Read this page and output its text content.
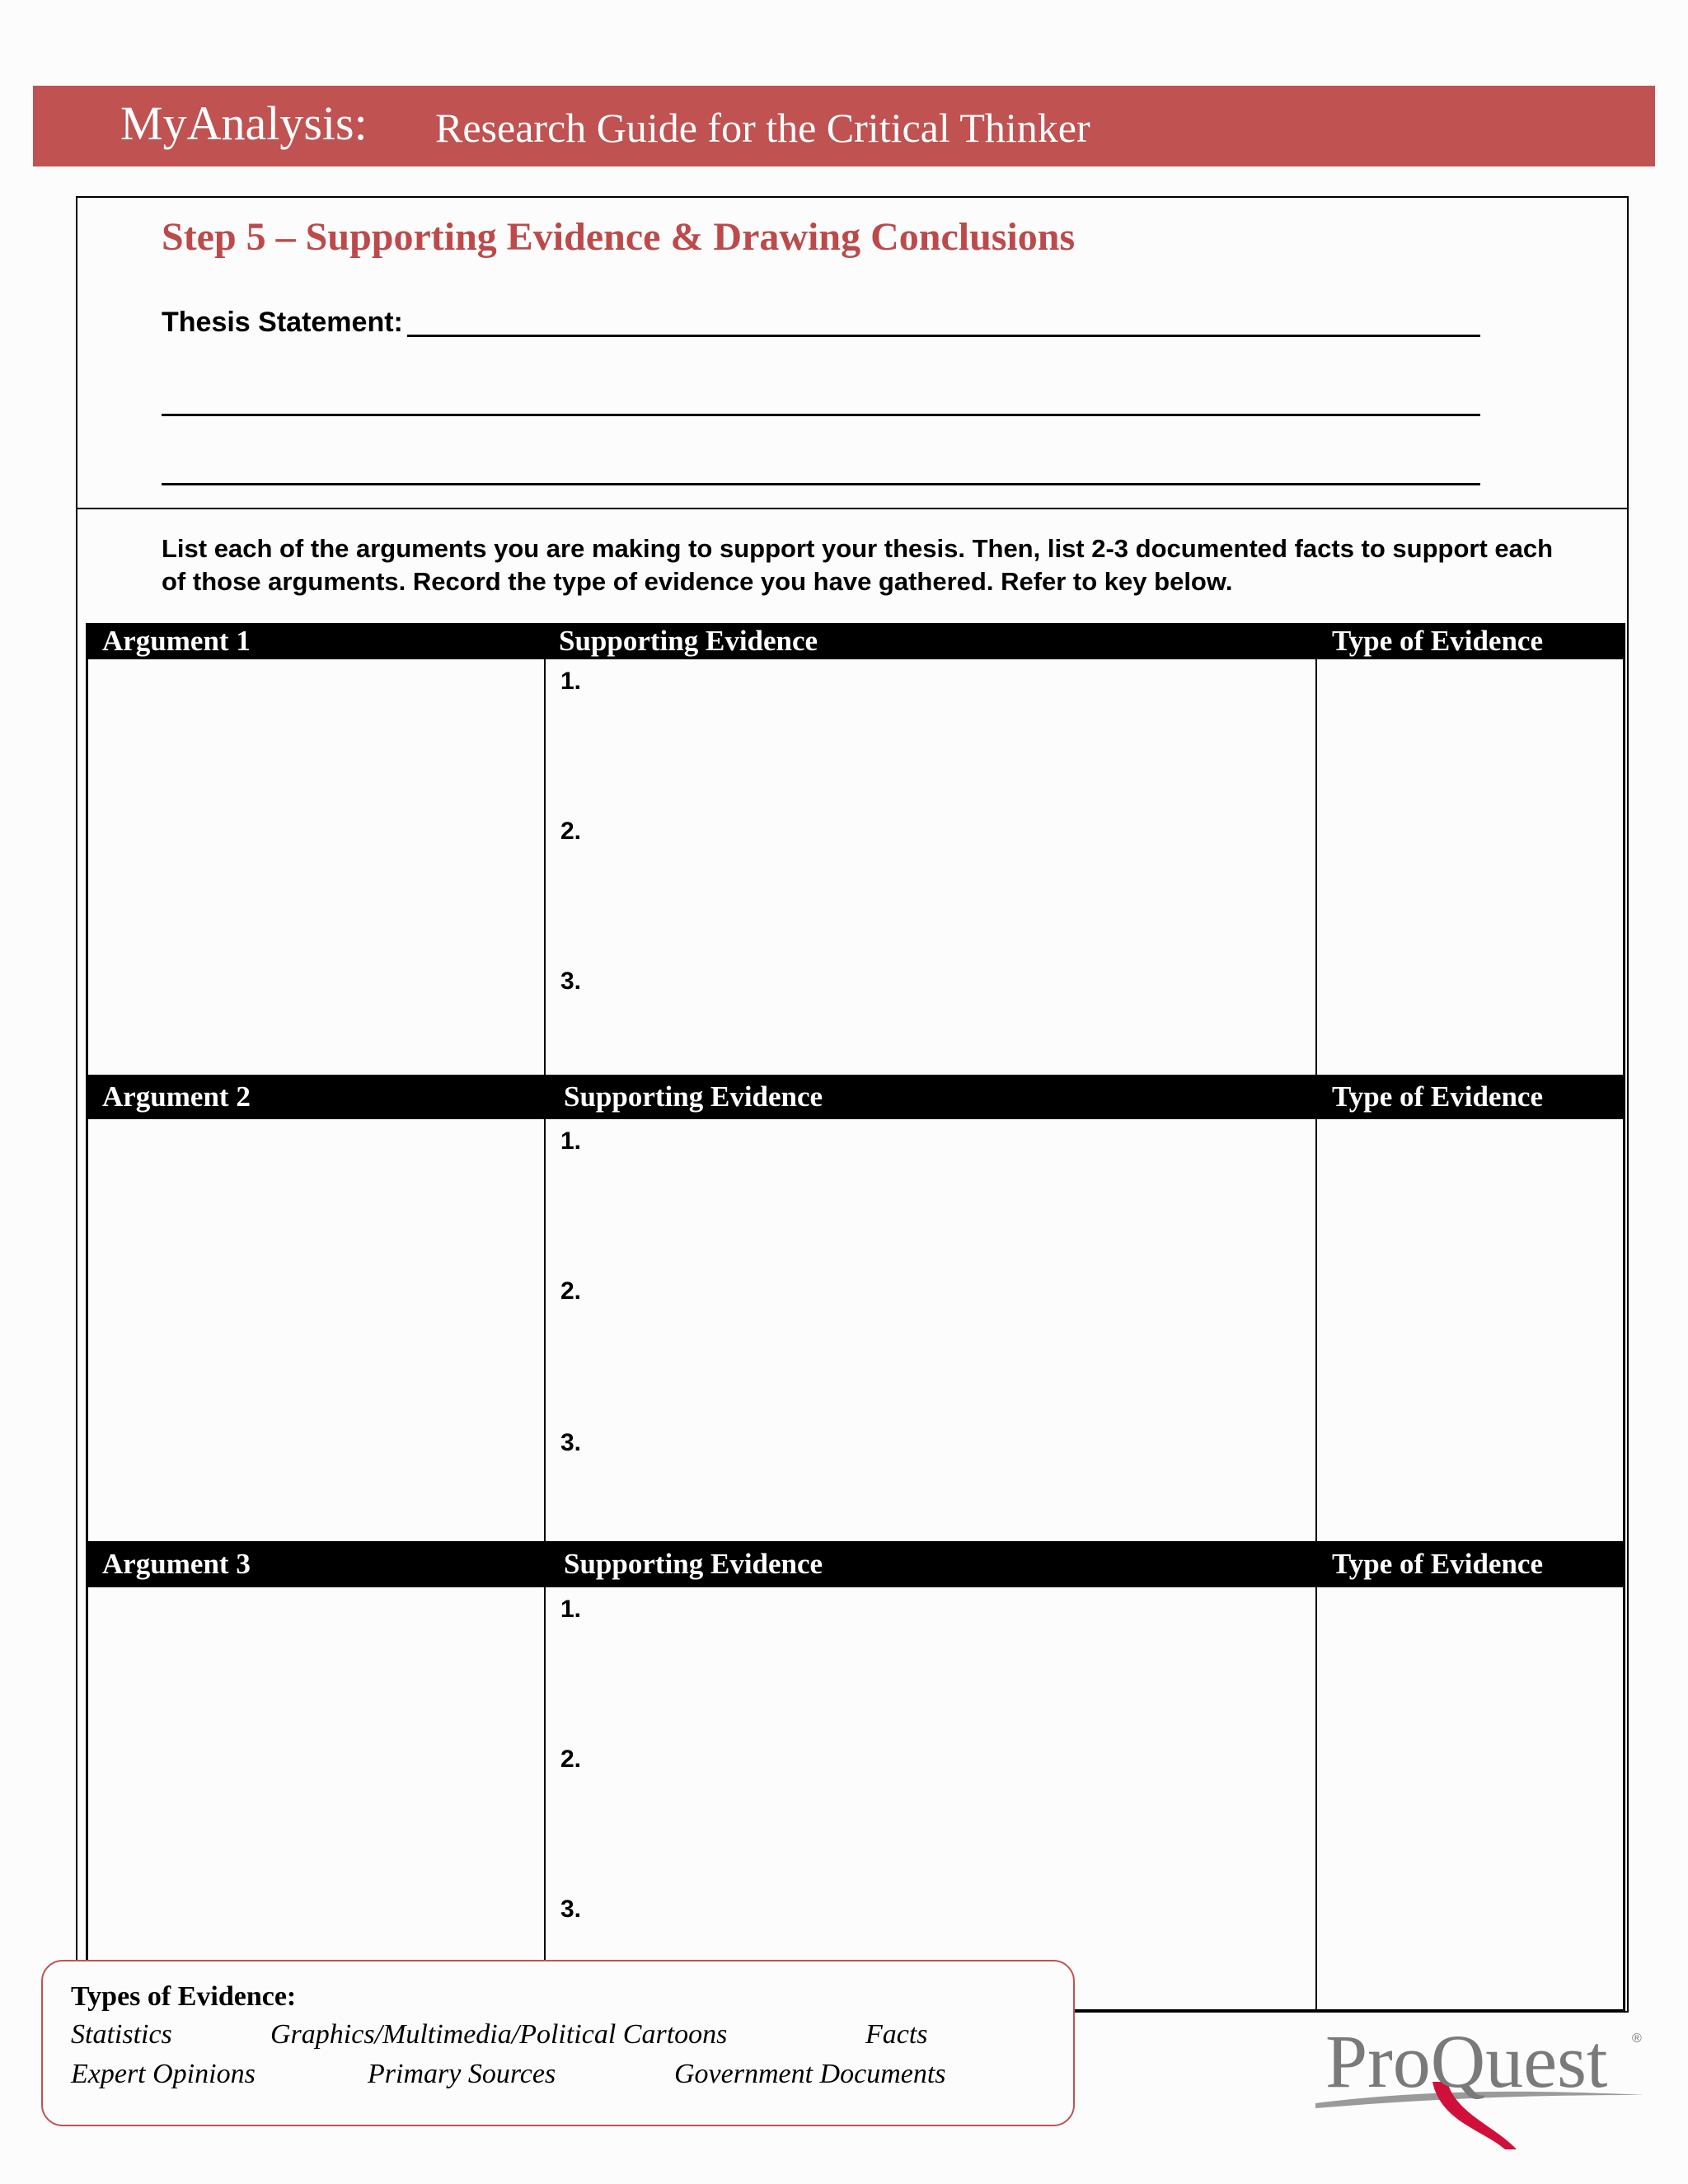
MyAnalysis: Research Guide for the Critical Thinker
Step 5 – Supporting Evidence & Drawing Conclusions
Thesis Statement:
List each of the arguments you are making to support your thesis. Then, list 2-3 documented facts to support each of those arguments. Record the type of evidence you have gathered. Refer to key below.
Argument 1	Supporting Evidence	Type of Evidence
1.
2.
3.
Argument 2	Supporting Evidence	Type of Evidence
1.
2.
3.
Argument 3	Supporting Evidence	Type of Evidence
1.
2.
3.
Types of Evidence:
Statistics	Graphics/Multimedia/Political Cartoons	Facts
Expert Opinions	Primary Sources	Government Documents	ProQuest ®
